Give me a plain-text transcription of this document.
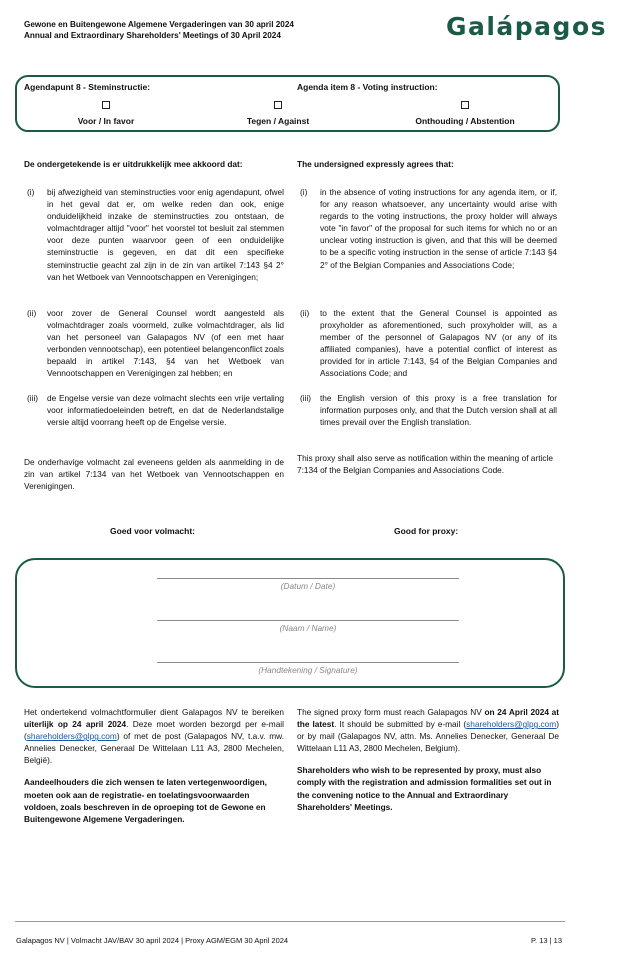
Gewone en Buitengewone Algemene Vergaderingen van 30 april 2024
Annual and Extraordinary Shareholders' Meetings of 30 April 2024	Galápagos
Agendapunt 8 - Steminstructie:	Agenda item 8 - Voting instruction:
Voor / In favor	Tegen / Against	Onthouding / Abstention
De ondergetekende is er uitdrukkelijk mee akkoord dat:	The undersigned expressly agrees that:
(i)	bij afwezigheid van steminstructies voor enig agendapunt, ofwel in het geval dat er, om welke reden dan ook, enige onduidelijkheid inzake de steminstructies zou ontstaan, de volmachtdrager altijd "voor" het voorstel tot besluit zal stemmen voor deze punten waarvoor geen of een onduidelijke steminstructie is gegeven, en dat dit een specifieke steminstructie geacht zal zijn in de zin van artikel 7:143 §4 2° van het Wetboek van Vennootschappen en Verenigingen;
(ii)	voor zover de General Counsel wordt aangesteld als volmachtdrager zoals voormeld, zulke volmachtdrager, als lid van het personeel van Galapagos NV (of een met haar verbonden vennootschap), een potentieel belangenconflict zoals bepaald in artikel 7:143, §4 van het Wetboek van Vennootschappen en Verenigingen zal hebben; en
(iii)	de Engelse versie van deze volmacht slechts een vrije vertaling voor informatiedoeleinden betreft, en dat de Nederlandstalige versie altijd voorrang heeft op de Engelse versie.
De onderhavige volmacht zal eveneens gelden als aanmelding in de zin van artikel 7:134 van het Wetboek van Vennootschappen en Verenigingen.
(i)	in the absence of voting instructions for any agenda item, or if, for any reason whatsoever, any uncertainty would arise with regards to the voting instructions, the proxy holder will always vote "in favor" of the proposal for such items for which no or an unclear voting instruction is given, and that this will be deemed to be a specific voting instruction in the sense of article 7:143 §4 2° of the Belgian Companies and Associations Code;
(ii)	to the extent that the General Counsel is appointed as proxyholder as aforementioned, such proxyholder will, as a member of the personnel of Galapagos NV (or any of its affiliated companies), have a potential conflict of interest as provided for in article 7:143, §4 of the Belgian Companies and Associations Code; and
(iii)	the English version of this proxy is a free translation for information purposes only, and that the Dutch version shall at all times prevail over the English translation.
This proxy shall also serve as notification within the meaning of article 7:134 of the Belgian Companies and Associations Code.
Goed voor volmacht:	Good for proxy:
(Datum / Date)
(Naam / Name)
(Handtekening / Signature)

Het ondertekend volmachtformulier dient Galapagos NV te bereiken uiterlijk op 24 april 2024. Deze moet worden bezorgd per e-mail (shareholders@glpg.com) of met de post (Galapagos NV, t.a.v. mw. Annelies Denecker, Generaal De Wittelaan L11 A3, 2800 Mechelen, België).

Aandeelhouders die zich wensen te laten vertegenwoordigen, moeten ook aan de registratie- en toelatingsvoorwaarden voldoen, zoals beschreven in de oproeping tot de Gewone en Buitengewone Algemene Vergaderingen.

The signed proxy form must reach Galapagos NV on 24 April 2024 at the latest. It should be submitted by e-mail (shareholders@glpg.com) or by mail (Galapagos NV, attn. Ms. Annelies Denecker, Generaal De Wittelaan L11 A3, 2800 Mechelen, Belgium).

Shareholders who wish to be represented by proxy, must also comply with the registration and admission formalities set out in the convening notice to the Annual and Extraordinary Shareholders' Meetings.

Galapagos NV | Volmacht JAV/BAV 30 april 2024 | Proxy AGM/EGM 30 April 2024	P. 13 | 13
